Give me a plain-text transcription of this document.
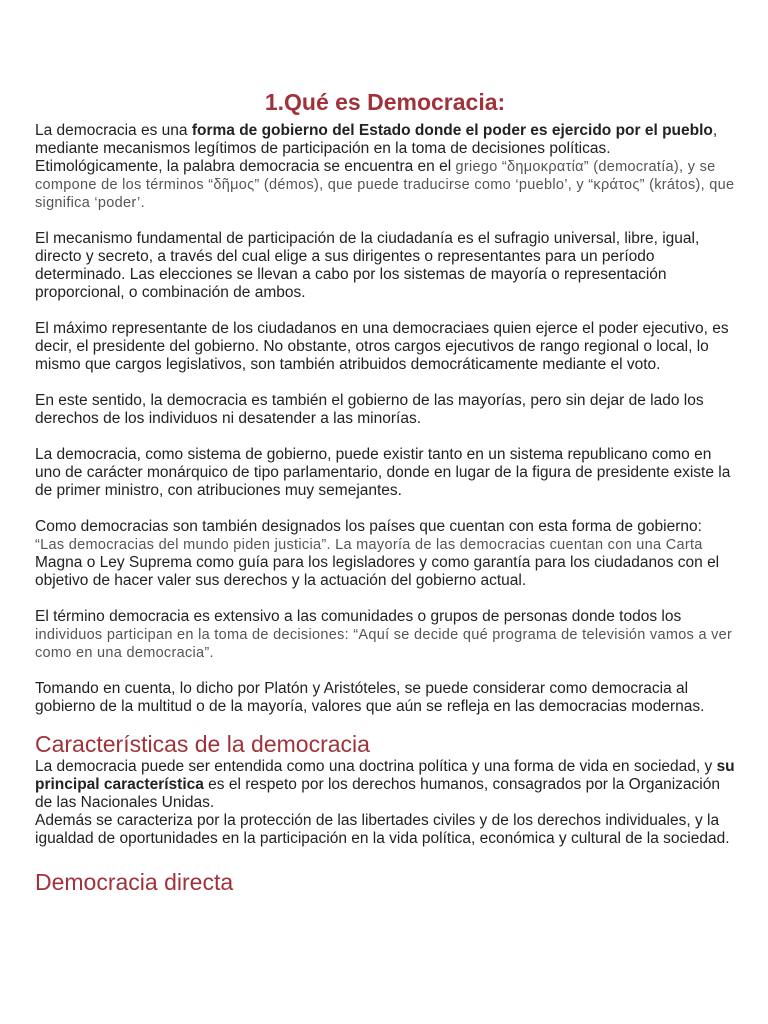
1.Qué es Democracia:

La democracia es una forma de gobierno del Estado donde el poder es ejercido por el pueblo, mediante mecanismos legítimos de participación en la toma de decisiones políticas.
Etimológicamente, la palabra democracia se encuentra en el griego “δημοκρατία” (democratía), y se compone de los términos “δῆμος” (démos), que puede traducirse como ‘pueblo’, y “κράτος” (krátos), que significa ‘poder’.

El mecanismo fundamental de participación de la ciudadanía es el sufragio universal, libre, igual, directo y secreto, a través del cual elige a sus dirigentes o representantes para un período determinado. Las elecciones se llevan a cabo por los sistemas de mayoría o representación proporcional, o combinación de ambos.

El máximo representante de los ciudadanos en una democraciaes quien ejerce el poder ejecutivo, es decir, el presidente del gobierno. No obstante, otros cargos ejecutivos de rango regional o local, lo mismo que cargos legislativos, son también atribuidos democráticamente mediante el voto.

En este sentido, la democracia es también el gobierno de las mayorías, pero sin dejar de lado los derechos de los individuos ni desatender a las minorías.

La democracia, como sistema de gobierno, puede existir tanto en un sistema republicano como en uno de carácter monárquico de tipo parlamentario, donde en lugar de la figura de presidente existe la de primer ministro, con atribuciones muy semejantes.

Como democracias son también designados los países que cuentan con esta forma de gobierno: “Las democracias del mundo piden justicia”. La mayoría de las democracias cuentan con una Carta Magna o Ley Suprema como guía para los legisladores y como garantía para los ciudadanos con el objetivo de hacer valer sus derechos y la actuación del gobierno actual.

El término democracia es extensivo a las comunidades o grupos de personas donde todos los individuos participan en la toma de decisiones: “Aquí se decide qué programa de televisión vamos a ver como en una democracia”.

Tomando en cuenta, lo dicho por Platón y Aristóteles, se puede considerar como democracia al gobierno de la multitud o de la mayoría, valores que aún se refleja en las democracias modernas.

Características de la democracia

La democracia puede ser entendida como una doctrina política y una forma de vida en sociedad, y su principal característica es el respeto por los derechos humanos, consagrados por la Organización de las Nacionales Unidas.
Además se caracteriza por la protección de las libertades civiles y de los derechos individuales, y la igualdad de oportunidades en la participación en la vida política, económica y cultural de la sociedad.

Democracia directa
